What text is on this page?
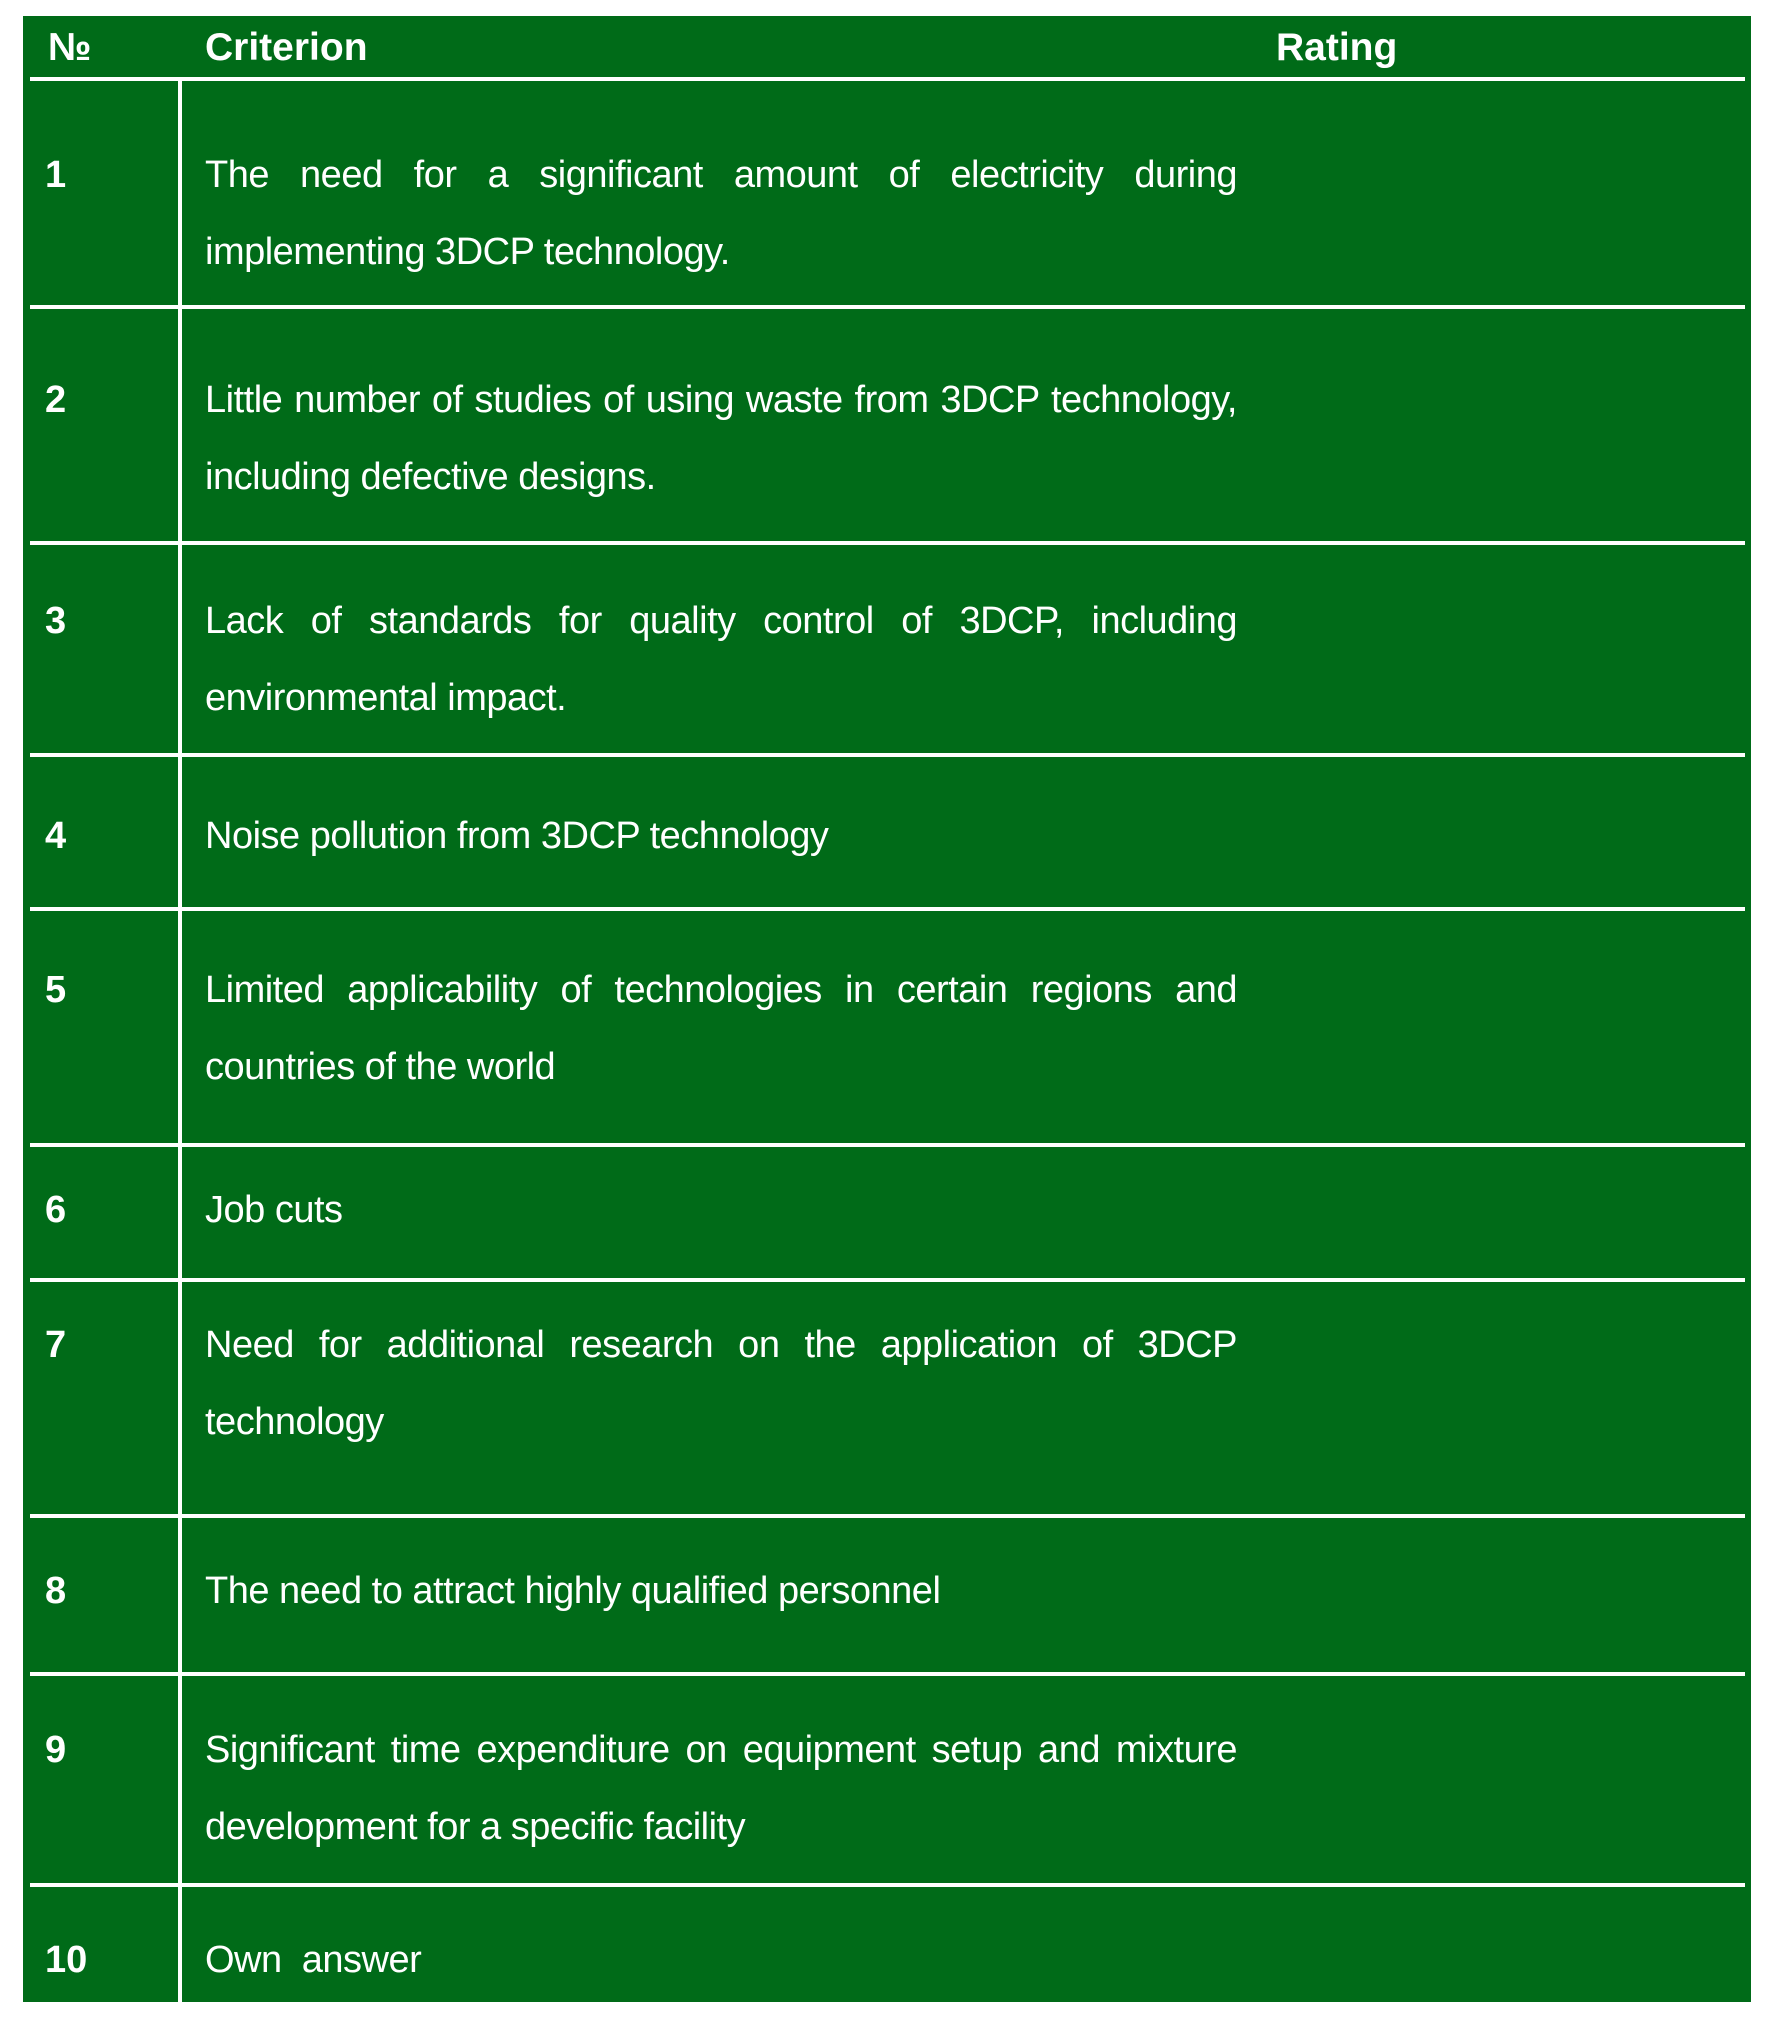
№	Criterion	Rating
1	The need for a significant amount of electricity during implementing 3DCP technology.
2	Little number of studies of using waste from 3DCP technology, including defective designs.
3	Lack of standards for quality control of 3DCP, including environmental impact.
4	Noise pollution from 3DCP technology
5	Limited applicability of technologies in certain regions and countries of the world
6	Job cuts
7	Need for additional research on the application of 3DCP technology
8	The need to attract highly qualified personnel
9	Significant time expenditure on equipment setup and mixture development for a specific facility
10	Own  answer
